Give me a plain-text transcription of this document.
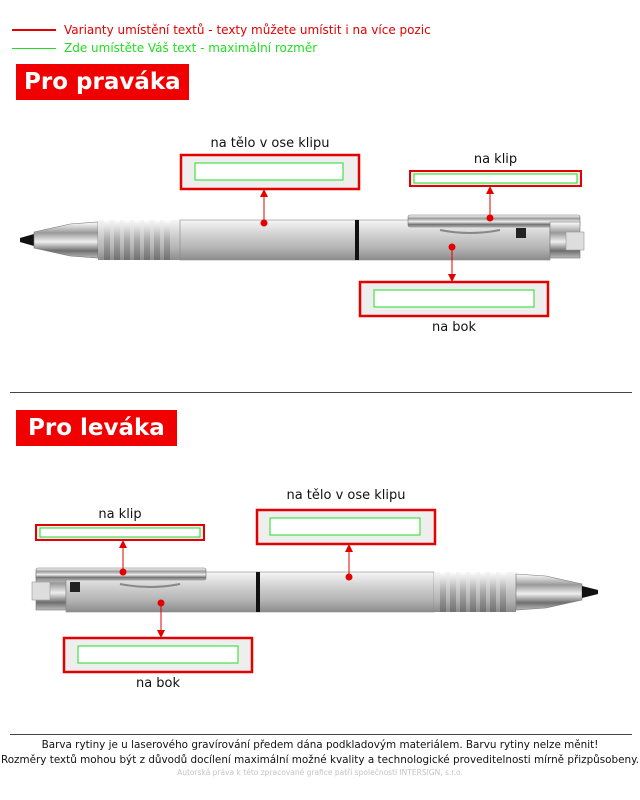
Varianty umístění textů - texty můžete umístit i na více pozic
Zde umístěte Váš text - maximální rozměr
Pro praváka
Pro leváka
na tělo v ose klipu
na klip
na bok
na klip
na tělo v ose klipu
na bok
Barva rytiny je u laserového gravírování předem dána podkladovým materiálem. Barvu rytiny nelze měnit!
Rozměry textů mohou být z důvodů docílení maximální možné kvality a technologické proveditelnosti mírně přizpůsobeny.
Autorská práva k této zpracované grafice patří společnosti INTERSIGN, s.r.o.
